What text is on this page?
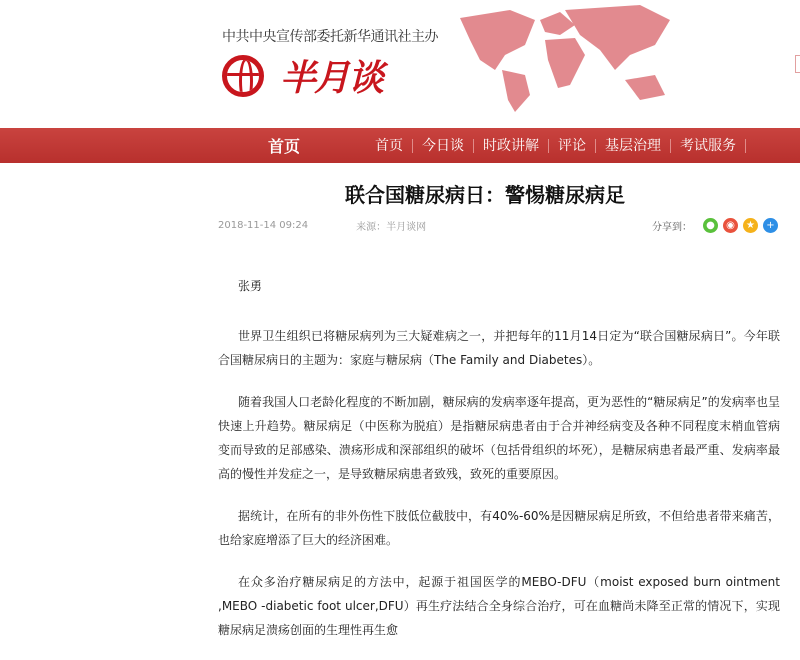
中共中央宣传部委托新华通讯社主办
半月谈
首页	首页	今日谈	时政讲解	评论	基层治理	考试服务
联合国糖尿病日：警惕糖尿病足
2018-11-14 09:24	来源：半月谈网	分享到：	●	◉	★	+

张勇

世界卫生组织已将糖尿病列为三大疑难病之一，并把每年的11月14日定为“联合国糖尿病日”。今年联合国糖尿病日的主题为：家庭与糖尿病（The Family and Diabetes）。

随着我国人口老龄化程度的不断加剧，糖尿病的发病率逐年提高，更为恶性的“糖尿病足”的发病率也呈快速上升趋势。糖尿病足（中医称为脱疽）是指糖尿病患者由于合并神经病变及各种不同程度末梢血管病变而导致的足部感染、溃疡形成和深部组织的破坏（包括骨组织的坏死），是糖尿病患者最严重、发病率最高的慢性并发症之一，是导致糖尿病患者致残，致死的重要原因。

据统计，在所有的非外伤性下肢低位截肢中，有40%-60%是因糖尿病足所致，不但给患者带来痛苦，也给家庭增添了巨大的经济困难。

在众多治疗糖尿病足的方法中，起源于祖国医学的MEBO-DFU（moist exposed burn ointment ,MEBO -diabetic foot ulcer,DFU）再生疗法结合全身综合治疗，可在血糖尚未降至正常的情况下，实现糖尿病足溃疡创面的生理性再生愈
